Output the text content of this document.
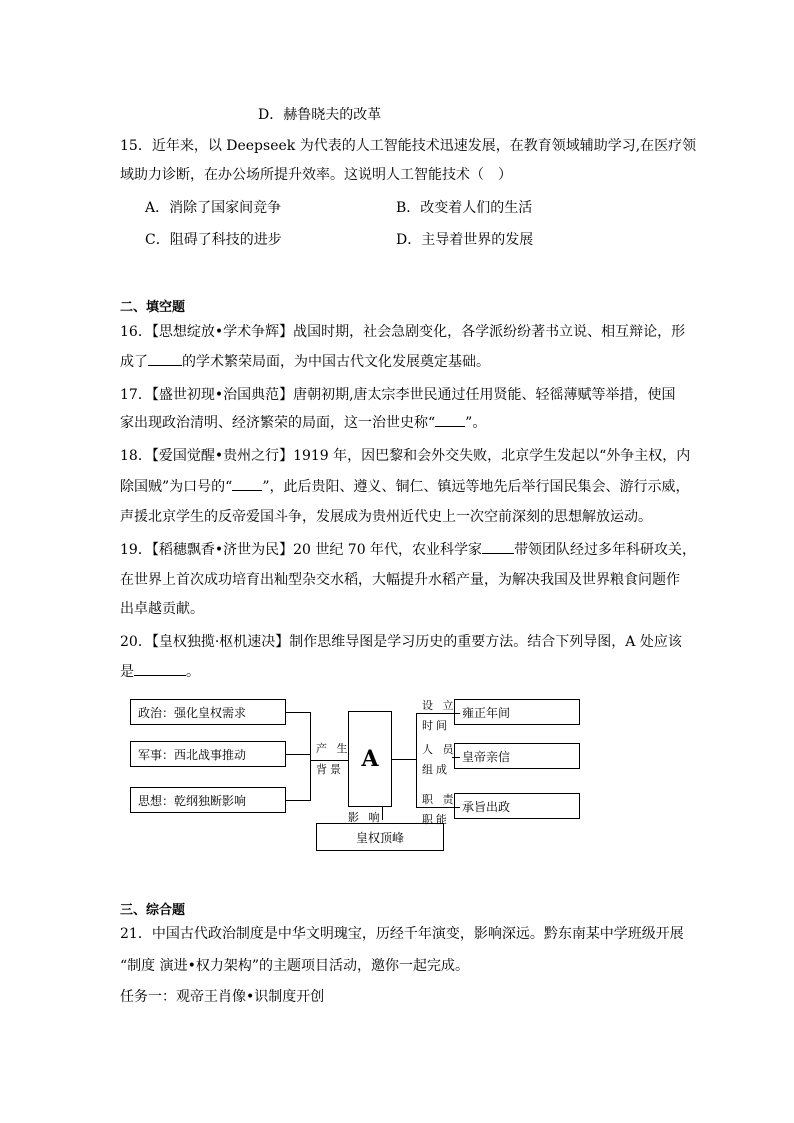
D．赫鲁晓夫的改革
15．近年来，以 Deepseek 为代表的人工智能技术迅速发展，在教育领域辅助学习,在医疗领
域助力诊断，在办公场所提升效率。这说明人工智能技术（　）
A．消除了国家间竞争	B．改变着人们的生活
C．阻碍了科技的进步	D．主导着世界的发展
二、填空题
16．【思想绽放•学术争辉】战国时期，社会急剧变化，各学派纷纷著书立说、相互辩论，形
成了 的学术繁荣局面，为中国古代文化发展奠定基础。
17．【盛世初现•治国典范】唐朝初期,唐太宗李世民通过任用贤能、轻徭薄赋等举措，使国
家出现政治清明、经济繁荣的局面，这一治世史称“ ”。
18．【爱国觉醒•贵州之行】1919 年，因巴黎和会外交失败，北京学生发起以“外争主权，内
除国贼”为口号的“ ”，此后贵阳、遵义、铜仁、镇远等地先后举行国民集会、游行示威，
声援北京学生的反帝爱国斗争，发展成为贵州近代史上一次空前深刻的思想解放运动。
19．【稻穗飘香•济世为民】20 世纪 70 年代，农业科学家 带领团队经过多年科研攻关，
在世界上首次成功培育出籼型杂交水稻，大幅提升水稻产量，为解决我国及世界粮食问题作
出卓越贡献。
20．【皇权独揽·枢机速决】制作思维导图是学习历史的重要方法。结合下列导图，A 处应该
是	。
政治：强化皇权需求
军事：西北战事推动
思想：乾纲独断影响
产 生
背景 A
影 响
皇权顶峰
设 立
时间
人 员
组成
职 责
职能
雍正年间
皇帝亲信
承旨出政
三、综合题
21．中国古代政治制度是中华文明瑰宝，历经千年演变，影响深远。黔东南某中学班级开展
“制度 演进•权力架构”的主题项目活动，邀你一起完成。
任务一：观帝王肖像•识制度开创
